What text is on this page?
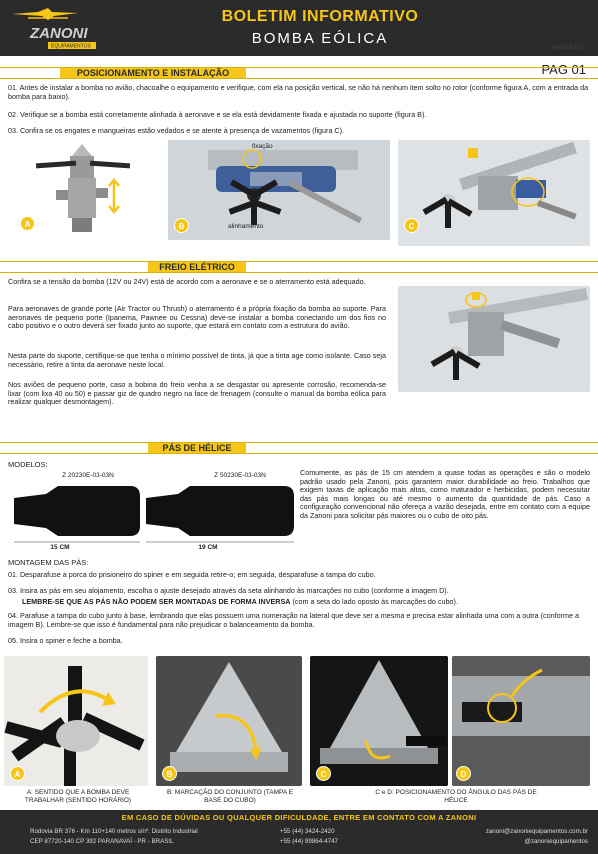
ZANONI
EQUIPAMENTOS
BOLETIM INFORMATIVO
BOMBA EÓLICA
REVISÃO 01
PAG 01
POSICIONAMENTO E INSTALAÇÃO
01. Antes de instalar a bomba no avião, chacoalhe o equipamento e verifique, com ela na posição vertical, se não há nenhum item solto no rotor (conforme figura A, com a entrada da bomba para baixo).
02. Verifique se a bomba está corretamente alinhada à aeronave e se ela está devidamente fixada e ajustada no suporte (figura B).
03. Confira se os engates e mangueiras estão vedados e se atente à presença de vazamentos (figura C).
A
fixação
alinhamento
B	C
FREIO ELÉTRICO
Confira se a tensão da bomba (12V ou 24V) está de acordo com a aeronave e se o aterramento está adequado.
Para aeronaves de grande porte (Air Tractor ou Thrush) o aterramento é a própria fixação da bomba ao suporte. Para aeronaves de pequeno porte (Ipanema, Pawnee ou Cessna) deve-se instalar a bomba conectando um dos fios no cabo positivo e o outro deverá ser fixado junto ao suporte, que estará em contato com a estrutura do avião.
Nesta parte do suporte, certifique-se que tenha o mínimo possível de tinta, já que a tinta age como isolante. Caso seja necessário, retire a tinta da aeronave neste local.
Nos aviões de pequeno porte, caso a bobina do freio venha a se desgastar ou apresente corrosão, recomenda-se lixar (com lixa 40 ou 50) e passar giz de quadro negro na face de frenagem (consulte o manual da bomba eólica para realizar qualquer desmontagem).
PÁS DE HÉLICE
MODELOS:
Z 20230E-03-03N	Z 50230E-03-03N
15 CM	19 CM
Comumente, as pás de 15 cm atendem a quase todas as operações e são o modelo padrão usado pela Zanoni, pois garantem maior durabilidade ao freio. Trabalhos que exigem taxas de aplicação mais altas, como maturador e herbicidas, podem necessitar das pás mais longas ou até mesmo o aumento da quantidade de pás. Caso a configuração convencional não ofereça a vazão desejada, entre em contato com a equipe da Zanoni para solicitar pás maiores ou o cubo de oito pás.
MONTAGEM DAS PÁS:
01. Desparafuse a porca do prisioneiro do spiner e em seguida retire-o; em seguida, desparafuse a tampa do cubo.
03. Insira as pás em seu alojamento, escolha o ajuste desejado através da seta alinhando às marcações no cubo (conforme a imagem D).
LEMBRE-SE QUE AS PÁS NÃO PODEM SER MONTADAS DE FORMA INVERSA (com a seta do lado oposto às marcações do cubo).
04. Parafuse a tampa do cubo junto à base, lembrando que elas possuem uma numeração na lateral que deve ser a mesma e precisa estar alinhada uma com a outra (conforme a imagem B). Lembre-se que isso é fundamental para não prejudicar o balanceamento da bomba.
05. Insira o spiner e feche a bomba.
A	B	C	D
A: SENTIDO QUE A BOMBA DEVE TRABALHAR (SENTIDO HORÁRIO)
B: MARCAÇÃO DO CONJUNTO (TAMPA E BASE DO CUBO)
C e D: POSICIONAMENTO DO ÂNGULO DAS PÁS DE HÉLICE
EM CASO DE DÚVIDAS OU QUALQUER DIFICULDADE, ENTRE EM CONTATO COM A ZANONI
Rodovia BR 376 - Km 110+140 metros s/nº. Distrito Industrial
CEP 87720-140 CP 392 PARANAVAÍ - PR - BRASIL
+55 (44) 3424-2420
+55 (44) 99864-4747
zanoni@zanoniequipamentos.com.br
@zanoniequipamentos
